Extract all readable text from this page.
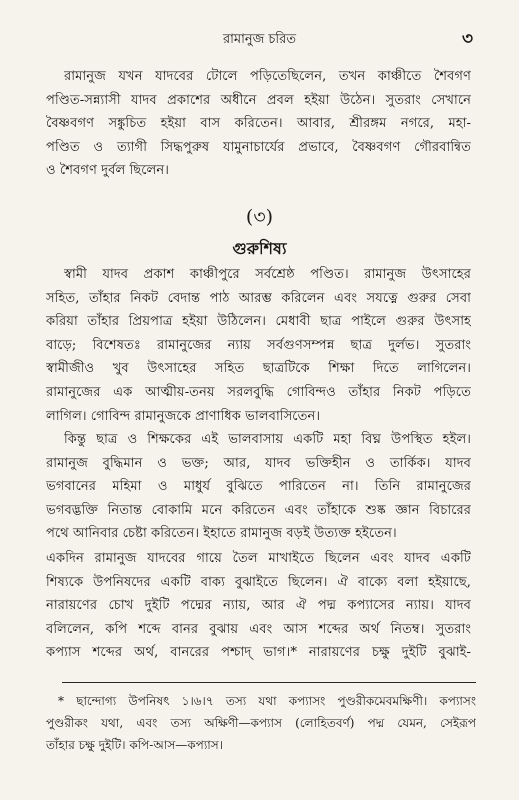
রামানুজ চরিত	৩
রামানুজ যখন যাদবের টোলে পড়িতেছিলেন, তখন কাঞ্চীতে শৈবগণ
পণ্ডিত-সন্ন্যাসী যাদব প্রকাশের অধীনে প্রবল হইয়া উঠেন। সুতরাং সেখানে
বৈষ্ণবগণ সঙ্কুচিত হইয়া বাস করিতেন। আবার, শ্রীরঙ্গম নগরে, মহা-
পণ্ডিত ও ত্যাগী সিদ্ধপুরুষ যামুনাচার্যের প্রভাবে, বৈষ্ণবগণ গৌরবান্বিত
ও শৈবগণ দুর্বল ছিলেন।
(৩)
গুরুশিষ্য
স্বামী যাদব প্রকাশ কাঞ্চীপুরে সর্বশ্রেষ্ঠ পণ্ডিত। রামানুজ উৎসাহের
সহিত, তাঁহার নিকট বেদান্ত পাঠ আরম্ভ করিলেন এবং সযত্নে গুরুর সেবা
করিয়া তাঁহার প্রিয়পাত্র হইয়া উঠিলেন। মেধাবী ছাত্র পাইলে গুরুর উৎসাহ
বাড়ে; বিশেষতঃ রামানুজের ন্যায় সর্বগুণসম্পন্ন ছাত্র দুর্লভ। সুতরাং
স্বামীজীও খুব উৎসাহের সহিত ছাত্রটিকে শিক্ষা দিতে লাগিলেন।
রামানুজের এক আত্মীয়-তনয় সরলবুদ্ধি গোবিন্দও তাঁহার নিকট পড়িতে
লাগিল। গোবিন্দ রামানুজকে প্রাণাধিক ভালবাসিতেন।
কিন্তু ছাত্র ও শিক্ষকের এই ভালবাসায় একটি মহা বিঘ্ন উপস্থিত হইল।
রামানুজ বুদ্ধিমান ও ভক্ত; আর, যাদব ভক্তিহীন ও তার্কিক। যাদব
ভগবানের মহিমা ও মাধুর্য বুঝিতে পারিতেন না। তিনি রামানুজের
ভগবদ্ভক্তি নিতান্ত বোকামি মনে করিতেন এবং তাঁহাকে শুষ্ক জ্ঞান বিচারের
পথে আনিবার চেষ্টা করিতেন। ইহাতে রামানুজ বড়ই উত্যক্ত হইতেন।
একদিন রামানুজ যাদবের গায়ে তৈল মাখাইতে ছিলেন এবং যাদব একটি
শিষ্যকে উপনিষদের একটি বাক্য বুঝাইতে ছিলেন। ঐ বাক্যে বলা হইয়াছে,
নারায়ণের চোখ দুইটি পদ্মের ন্যায়, আর ঐ পদ্ম কপ্যাসের ন্যায়। যাদব
বলিলেন, কপি শব্দে বানর বুঝায় এবং আস শব্দের অর্থ নিতম্ব। সুতরাং
কপ্যাস শব্দের অর্থ, বানরের পশ্চাদ্ ভাগ।* নারায়ণের চক্ষু দুইটি বুঝাই-
* ছান্দোগ্য উপনিষৎ ১।৬।৭ তস্য যথা কপ্যাসং পুণ্ডরীকমেবমক্ষিণী। কপ্যাসং
পুণ্ডরীকং যথা, এবং তস্য অক্ষিণী—কপ্যাস (লোহিতবর্ণ) পদ্ম যেমন, সেইরূপ
তাঁহার চক্ষু দুইটি। কপি-আস—কপ্যাস।
